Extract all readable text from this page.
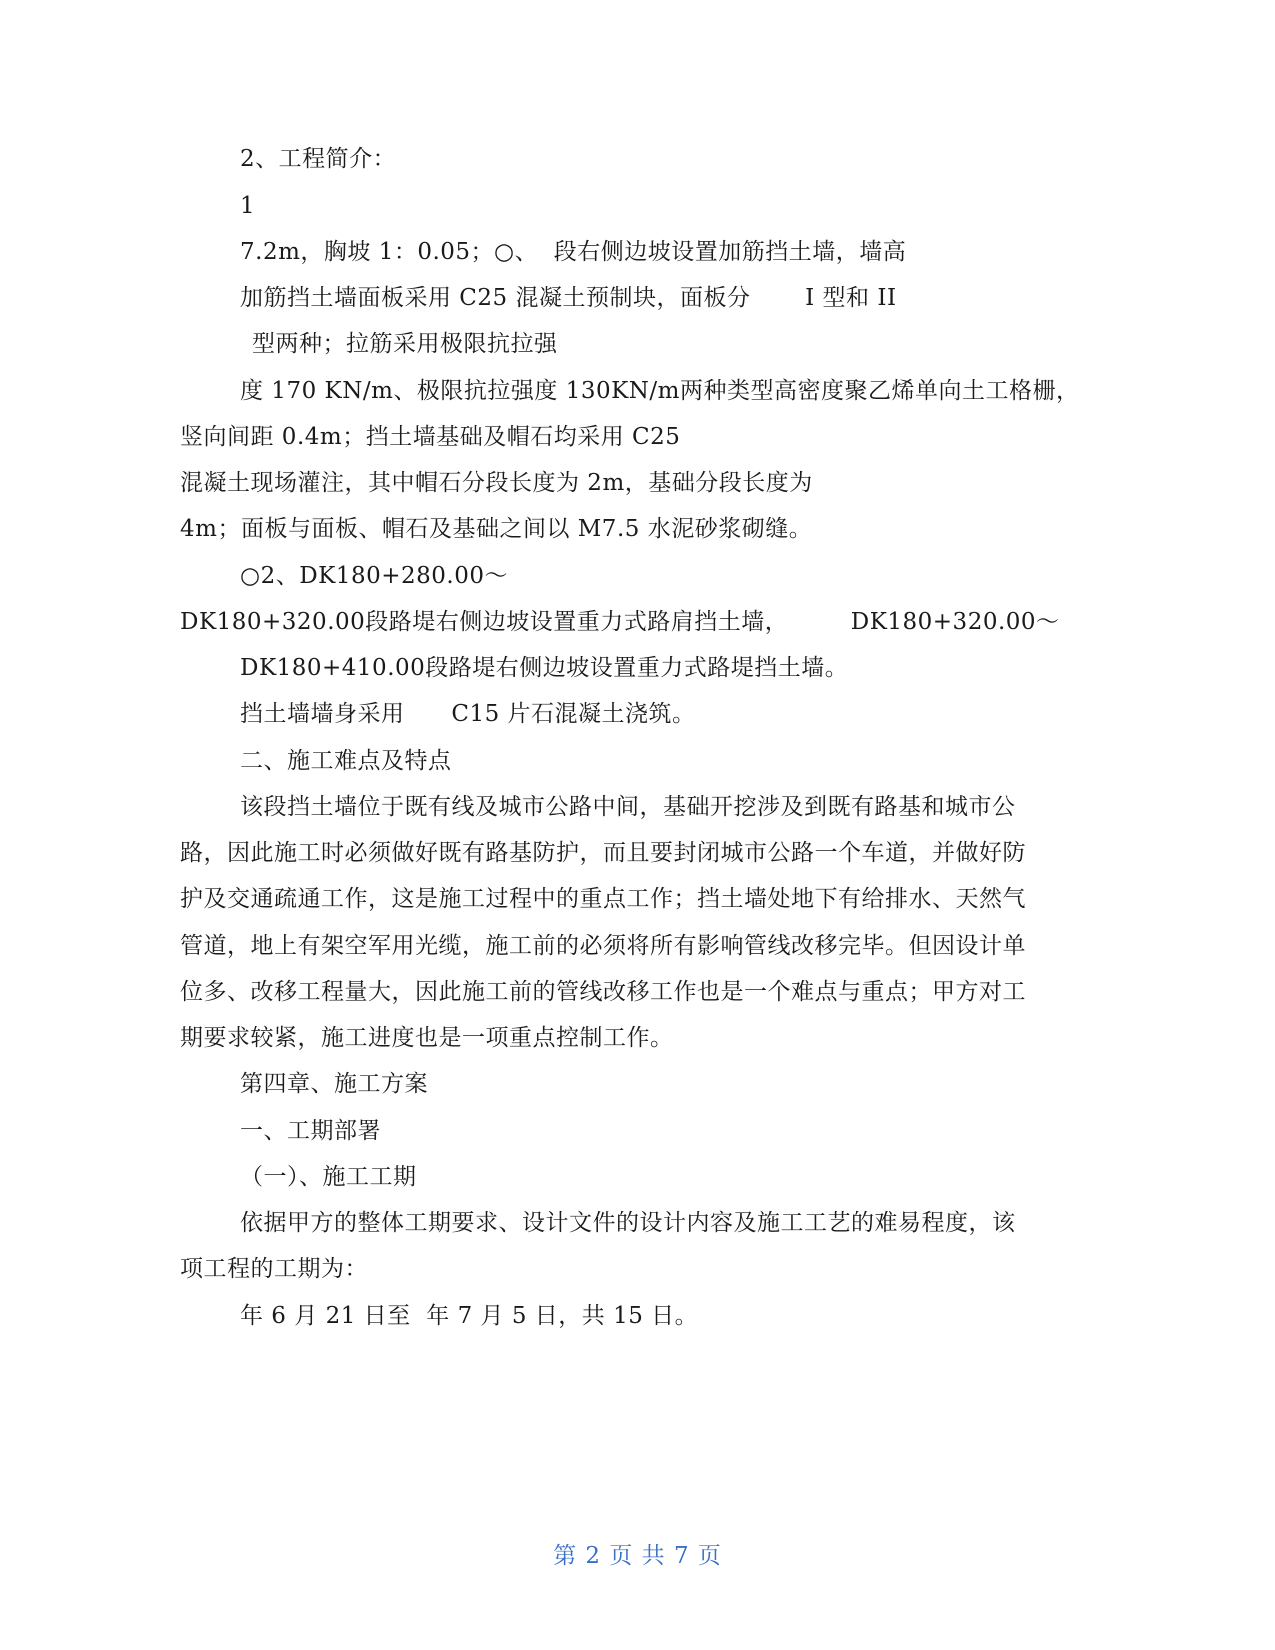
2、工程简介：
1
7.2m，胸坡 1：0.05；○、  段右侧边坡设置加筋挡土墙，墙高
加筋挡土墙面板采用 C25 混凝土预制块，面板分       I 型和 II
型两种；拉筋采用极限抗拉强
度 170 KN/m、极限抗拉强度 130KN/m两种类型高密度聚乙烯单向土工格栅，
竖向间距 0.4m；挡土墙基础及帽石均采用 C25
混凝土现场灌注，其中帽石分段长度为 2m，基础分段长度为
4m；面板与面板、帽石及基础之间以 M7.5 水泥砂浆砌缝。
○2、DK180+280.00～
DK180+320.00段路堤右侧边坡设置重力式路肩挡土墙，        DK180+320.00～
DK180+410.00段路堤右侧边坡设置重力式路堤挡土墙。
挡土墙墙身采用      C15 片石混凝土浇筑。
二、施工难点及特点
该段挡土墙位于既有线及城市公路中间，基础开挖涉及到既有路基和城市公
路，因此施工时必须做好既有路基防护，而且要封闭城市公路一个车道，并做好防
护及交通疏通工作，这是施工过程中的重点工作；挡土墙处地下有给排水、天然气
管道，地上有架空军用光缆，施工前的必须将所有影响管线改移完毕。但因设计单
位多、改移工程量大，因此施工前的管线改移工作也是一个难点与重点；甲方对工
期要求较紧，施工进度也是一项重点控制工作。
第四章、施工方案
一、工期部署
（一）、施工工期
依据甲方的整体工期要求、设计文件的设计内容及施工工艺的难易程度，该
项工程的工期为：
年 6 月 21 日至  年 7 月 5 日，共 15 日。
第 2 页 共 7 页
